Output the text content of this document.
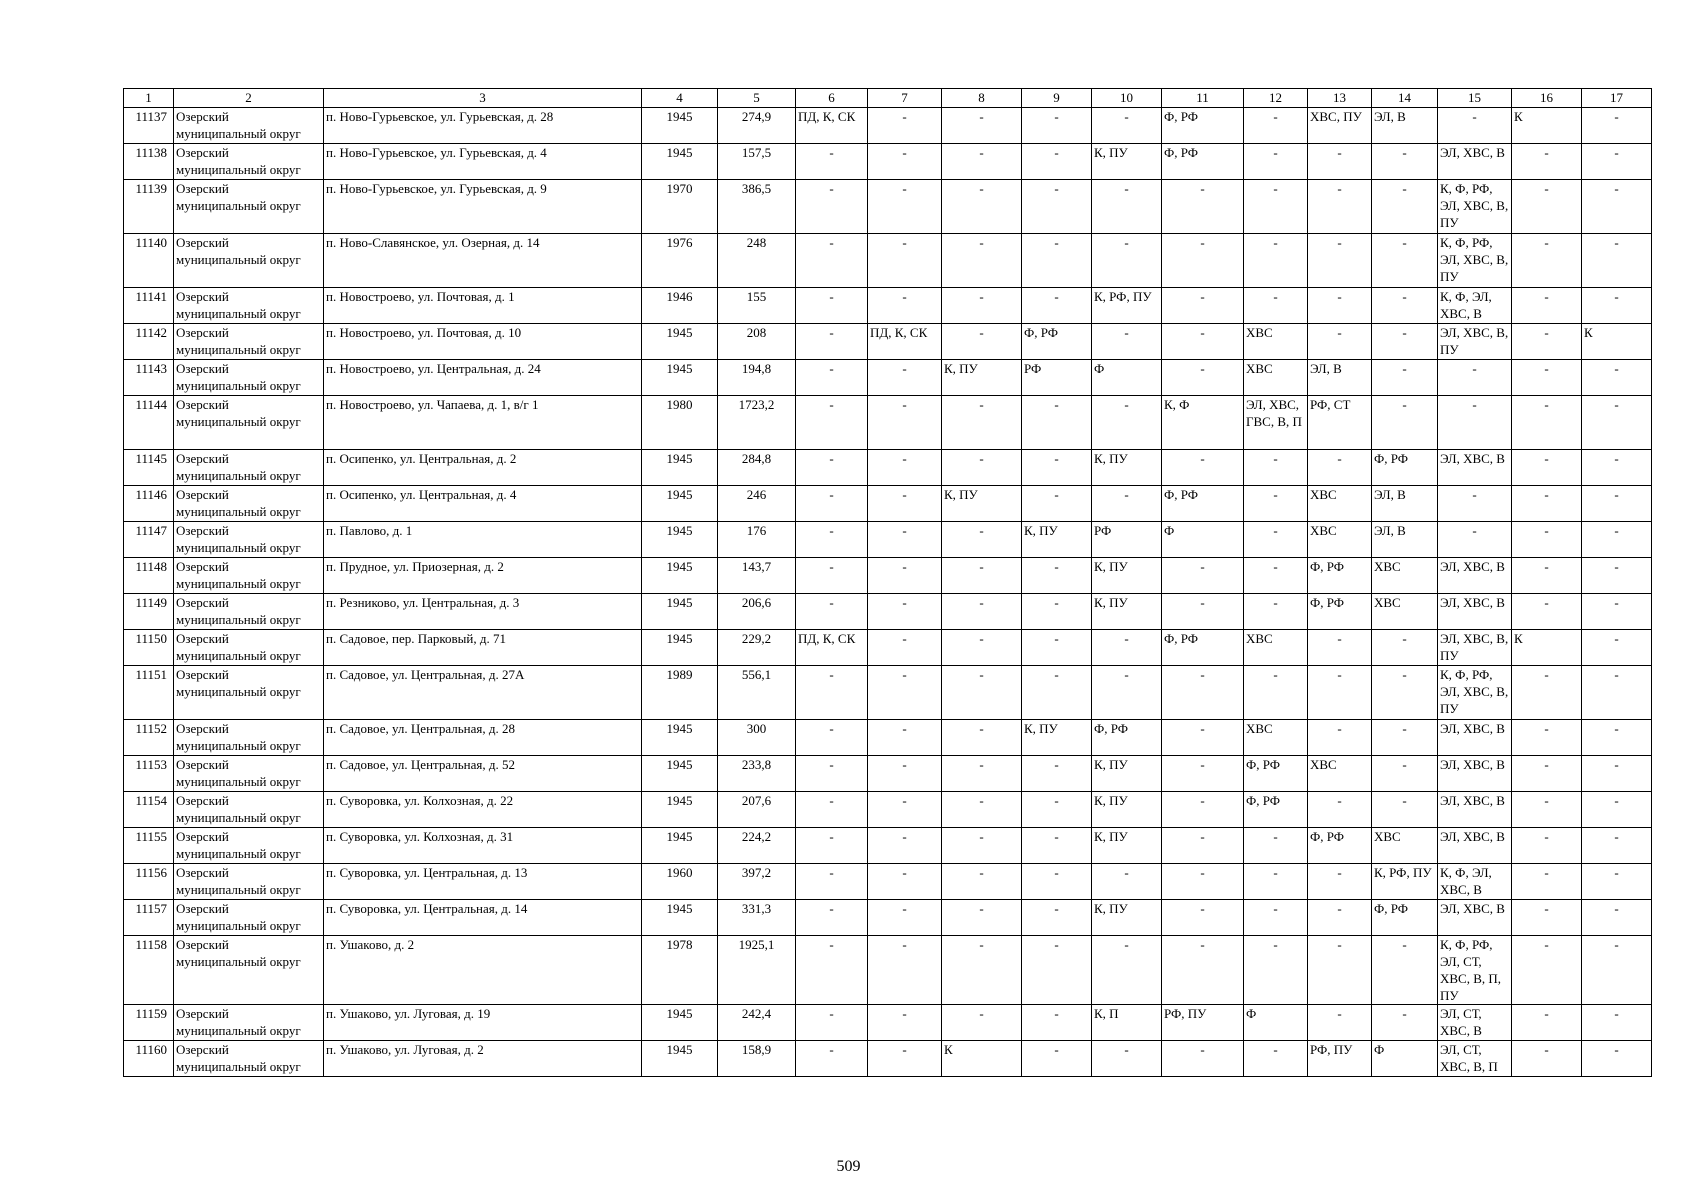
1	2	3	4	5	6	7	8	9	10	11	12	13	14	15	16	17
11137	Озерский муниципальный округ	п. Ново-Гурьевское, ул. Гурьевская, д. 28	1945	274,9	ПД, К, СК	-	-	-	-	Ф, РФ	-	ХВС, ПУ	ЭЛ, В	-	К	-
11138	Озерский муниципальный округ	п. Ново-Гурьевское, ул. Гурьевская, д. 4	1945	157,5	-	-	-	-	К, ПУ	Ф, РФ	-	-	-	ЭЛ, ХВС, В	-	-
11139	Озерский муниципальный округ	п. Ново-Гурьевское, ул. Гурьевская, д. 9	1970	386,5	-	-	-	-	-	-	-	-	-	К, Ф, РФ, ЭЛ, ХВС, В, ПУ	-	-
11140	Озерский муниципальный округ	п. Ново-Славянское, ул. Озерная, д. 14	1976	248	-	-	-	-	-	-	-	-	-	К, Ф, РФ, ЭЛ, ХВС, В, ПУ	-	-
11141	Озерский муниципальный округ	п. Новостроево, ул. Почтовая, д. 1	1946	155	-	-	-	-	К, РФ, ПУ	-	-	-	-	К, Ф, ЭЛ, ХВС, В	-	-
11142	Озерский муниципальный округ	п. Новостроево, ул. Почтовая, д. 10	1945	208	-	ПД, К, СК	-	Ф, РФ	-	-	ХВС	-	-	ЭЛ, ХВС, В, ПУ	-	К
11143	Озерский муниципальный округ	п. Новостроево, ул. Центральная, д. 24	1945	194,8	-	-	К, ПУ	РФ	Ф	-	ХВС	ЭЛ, В	-	-	-	-
11144	Озерский муниципальный округ	п. Новостроево, ул. Чапаева, д. 1, в/г 1	1980	1723,2	-	-	-	-	-	К, Ф	ЭЛ, ХВС, ГВС, В, П	РФ, СТ	-	-	-	-
11145	Озерский муниципальный округ	п. Осипенко, ул. Центральная, д. 2	1945	284,8	-	-	-	-	К, ПУ	-	-	-	Ф, РФ	ЭЛ, ХВС, В	-	-
11146	Озерский муниципальный округ	п. Осипенко, ул. Центральная, д. 4	1945	246	-	-	К, ПУ	-	-	Ф, РФ	-	ХВС	ЭЛ, В	-	-	-
11147	Озерский муниципальный округ	п. Павлово, д. 1	1945	176	-	-	-	К, ПУ	РФ	Ф	-	ХВС	ЭЛ, В	-	-	-
11148	Озерский муниципальный округ	п. Прудное, ул. Приозерная, д. 2	1945	143,7	-	-	-	-	К, ПУ	-	-	Ф, РФ	ХВС	ЭЛ, ХВС, В	-	-
11149	Озерский муниципальный округ	п. Резниково, ул. Центральная, д. 3	1945	206,6	-	-	-	-	К, ПУ	-	-	Ф, РФ	ХВС	ЭЛ, ХВС, В	-	-
11150	Озерский муниципальный округ	п. Садовое, пер. Парковый, д. 71	1945	229,2	ПД, К, СК	-	-	-	-	Ф, РФ	ХВС	-	-	ЭЛ, ХВС, В, ПУ	К	-
11151	Озерский муниципальный округ	п. Садовое, ул. Центральная, д. 27А	1989	556,1	-	-	-	-	-	-	-	-	-	К, Ф, РФ, ЭЛ, ХВС, В, ПУ	-	-
11152	Озерский муниципальный округ	п. Садовое, ул. Центральная, д. 28	1945	300	-	-	-	К, ПУ	Ф, РФ	-	ХВС	-	-	ЭЛ, ХВС, В	-	-
11153	Озерский муниципальный округ	п. Садовое, ул. Центральная, д. 52	1945	233,8	-	-	-	-	К, ПУ	-	Ф, РФ	ХВС	-	ЭЛ, ХВС, В	-	-
11154	Озерский муниципальный округ	п. Суворовка, ул. Колхозная, д. 22	1945	207,6	-	-	-	-	К, ПУ	-	Ф, РФ	-	-	ЭЛ, ХВС, В	-	-
11155	Озерский муниципальный округ	п. Суворовка, ул. Колхозная, д. 31	1945	224,2	-	-	-	-	К, ПУ	-	-	Ф, РФ	ХВС	ЭЛ, ХВС, В	-	-
11156	Озерский муниципальный округ	п. Суворовка, ул. Центральная, д. 13	1960	397,2	-	-	-	-	-	-	-	-	К, РФ, ПУ	К, Ф, ЭЛ, ХВС, В	-	-
11157	Озерский муниципальный округ	п. Суворовка, ул. Центральная, д. 14	1945	331,3	-	-	-	-	К, ПУ	-	-	-	Ф, РФ	ЭЛ, ХВС, В	-	-
11158	Озерский муниципальный округ	п. Ушаково, д. 2	1978	1925,1	-	-	-	-	-	-	-	-	-	К, Ф, РФ, ЭЛ, СТ, ХВС, В, П, ПУ	-	-
11159	Озерский муниципальный округ	п. Ушаково, ул. Луговая, д. 19	1945	242,4	-	-	-	-	К, П	РФ, ПУ	Ф	-	-	ЭЛ, СТ, ХВС, В	-	-
11160	Озерский муниципальный округ	п. Ушаково, ул. Луговая, д. 2	1945	158,9	-	-	К	-	-	-	-	РФ, ПУ	Ф	ЭЛ, СТ, ХВС, В, П	-	-
509
